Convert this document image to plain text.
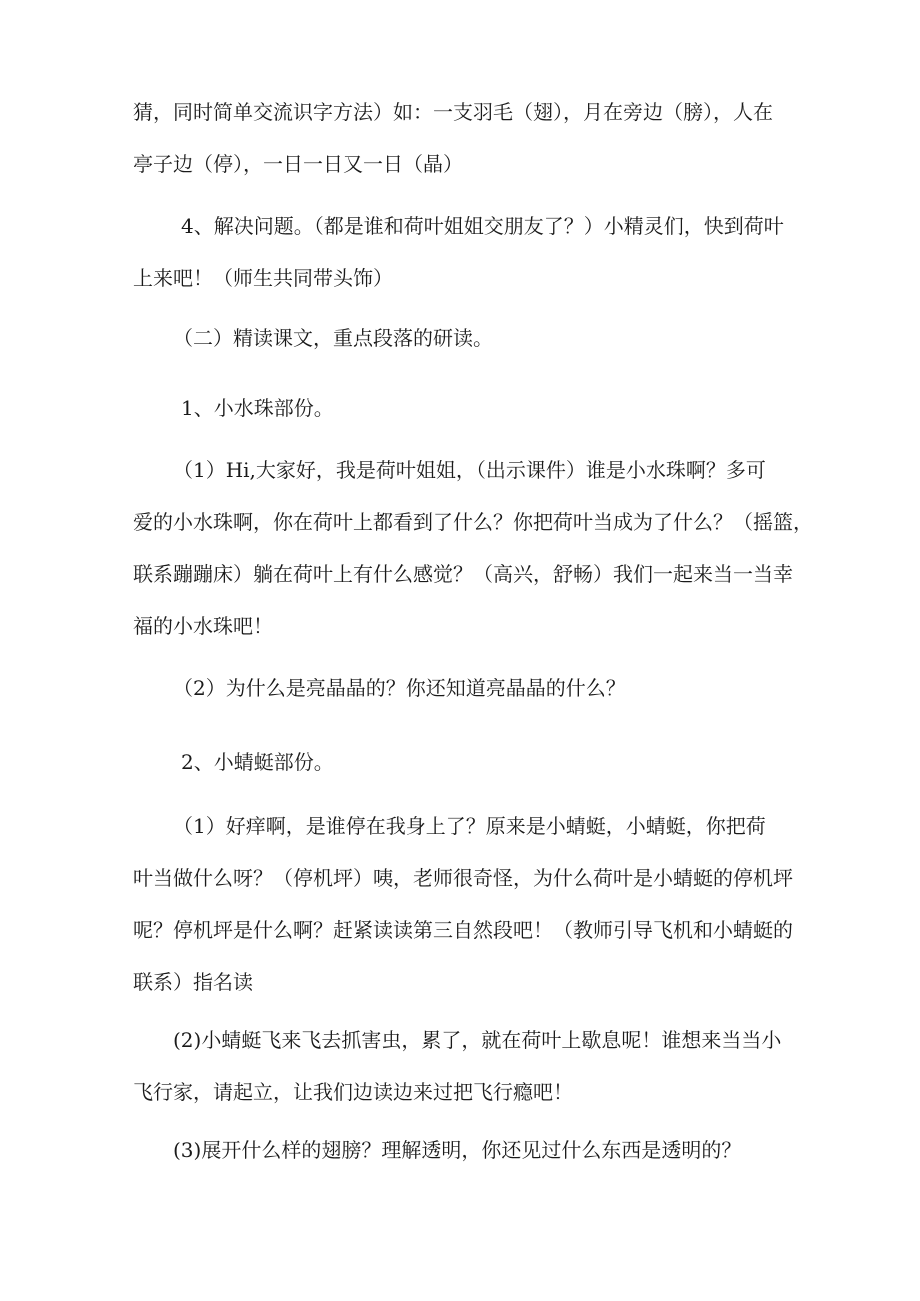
猜，同时简单交流识字方法）如：一支羽毛（翅），月在旁边（膀），人在
亭子边（停），一日一日又一日（晶）
4、解决问题。（都是谁和荷叶姐姐交朋友了？）小精灵们，快到荷叶
上来吧！（师生共同带头饰）
（二）精读课文，重点段落的研读。
1、小水珠部份。
（1）Hi,大家好，我是荷叶姐姐，（出示课件）谁是小水珠啊？多可
爱的小水珠啊，你在荷叶上都看到了什么？你把荷叶当成为了什么？（摇篮，
联系蹦蹦床）躺在荷叶上有什么感觉？（高兴，舒畅）我们一起来当一当幸
福的小水珠吧！
（2）为什么是亮晶晶的？你还知道亮晶晶的什么？
2、小蜻蜓部份。
（1）好痒啊，是谁停在我身上了？原来是小蜻蜓，小蜻蜓，你把荷
叶当做什么呀？（停机坪）咦，老师很奇怪，为什么荷叶是小蜻蜓的停机坪
呢？停机坪是什么啊？赶紧读读第三自然段吧！（教师引导飞机和小蜻蜓的
联系）指名读
(2)小蜻蜓飞来飞去抓害虫，累了，就在荷叶上歇息呢！谁想来当当小
飞行家，请起立，让我们边读边来过把飞行瘾吧！
(3)展开什么样的翅膀？理解透明，你还见过什么东西是透明的？
